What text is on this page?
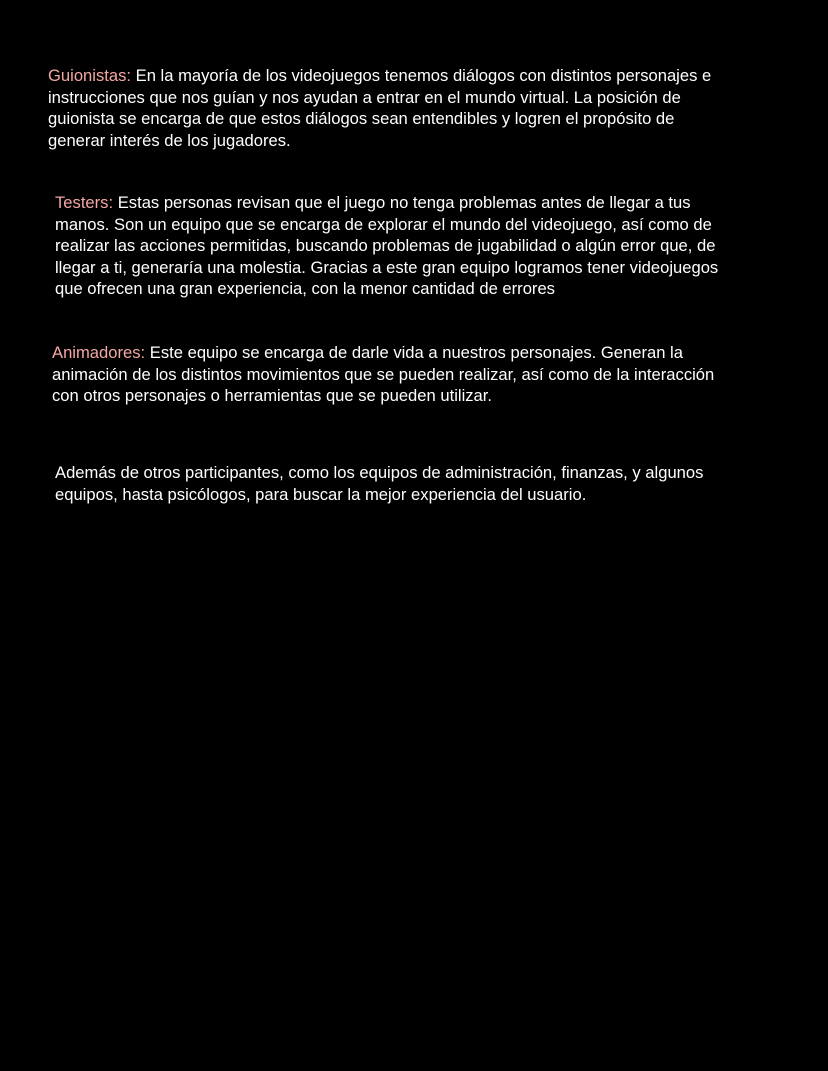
Guionistas: En la mayoría de los videojuegos tenemos diálogos con distintos personajes e
instrucciones que nos guían y nos ayudan a entrar en el mundo virtual. La posición de
guionista se encarga de que estos diálogos sean entendibles y logren el propósito de
generar interés de los jugadores.

Testers: Estas personas revisan que el juego no tenga problemas antes de llegar a tus
manos. Son un equipo que se encarga de explorar el mundo del videojuego, así como de
realizar las acciones permitidas, buscando problemas de jugabilidad o algún error que, de
llegar a ti, generaría una molestia. Gracias a este gran equipo logramos tener videojuegos
que ofrecen una gran experiencia, con la menor cantidad de errores

Animadores: Este equipo se encarga de darle vida a nuestros personajes. Generan la
animación de los distintos movimientos que se pueden realizar, así como de la interacción
con otros personajes o herramientas que se pueden utilizar.

Además de otros participantes, como los equipos de administración, finanzas, y algunos
equipos, hasta psicólogos, para buscar la mejor experiencia del usuario.
